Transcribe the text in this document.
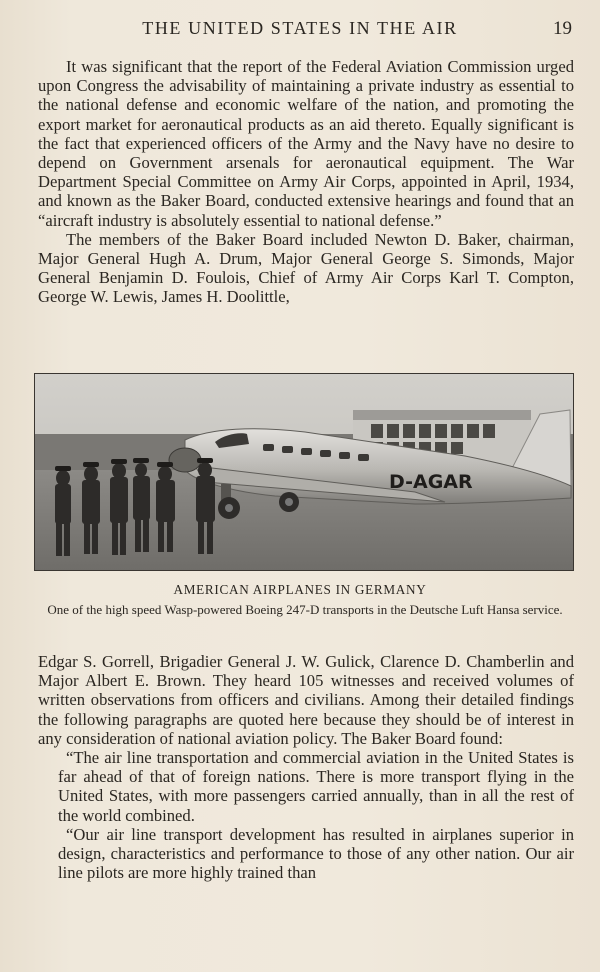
THE UNITED STATES IN THE AIR	19

It was significant that the report of the Federal Aviation Commission urged upon Congress the advisability of maintaining a private industry as essential to the national defense and economic welfare of the nation, and promoting the export market for aeronautical products as an aid thereto. Equally significant is the fact that experienced officers of the Army and the Navy have no desire to depend on Government arsenals for aeronautical equipment. The War Department Special Committee on Army Air Corps, appointed in April, 1934, and known as the Baker Board, conducted extensive hearings and found that an “aircraft industry is absolutely essential to national defense.”

The members of the Baker Board included Newton D. Baker, chairman, Major General Hugh A. Drum, Major General George S. Simonds, Major General Benjamin D. Foulois, Chief of Army Air Corps Karl T. Compton, George W. Lewis, James H. Doolittle,

D-AGAR
AMERICAN AIRPLANES IN GERMANY
One of the high speed Wasp-powered Boeing 247-D transports in the Deutsche Luft Hansa service.

Edgar S. Gorrell, Brigadier General J. W. Gulick, Clarence D. Chamberlin and Major Albert E. Brown. They heard 105 witnesses and received volumes of written observations from officers and civilians. Among their detailed findings the following paragraphs are quoted here because they should be of interest in any consideration of national aviation policy. The Baker Board found:

“The air line transportation and commercial aviation in the United States is far ahead of that of foreign nations. There is more transport flying in the United States, with more passengers carried annually, than in all the rest of the world combined.

“Our air line transport development has resulted in airplanes superior in design, characteristics and performance to those of any other nation. Our air line pilots are more highly trained than
